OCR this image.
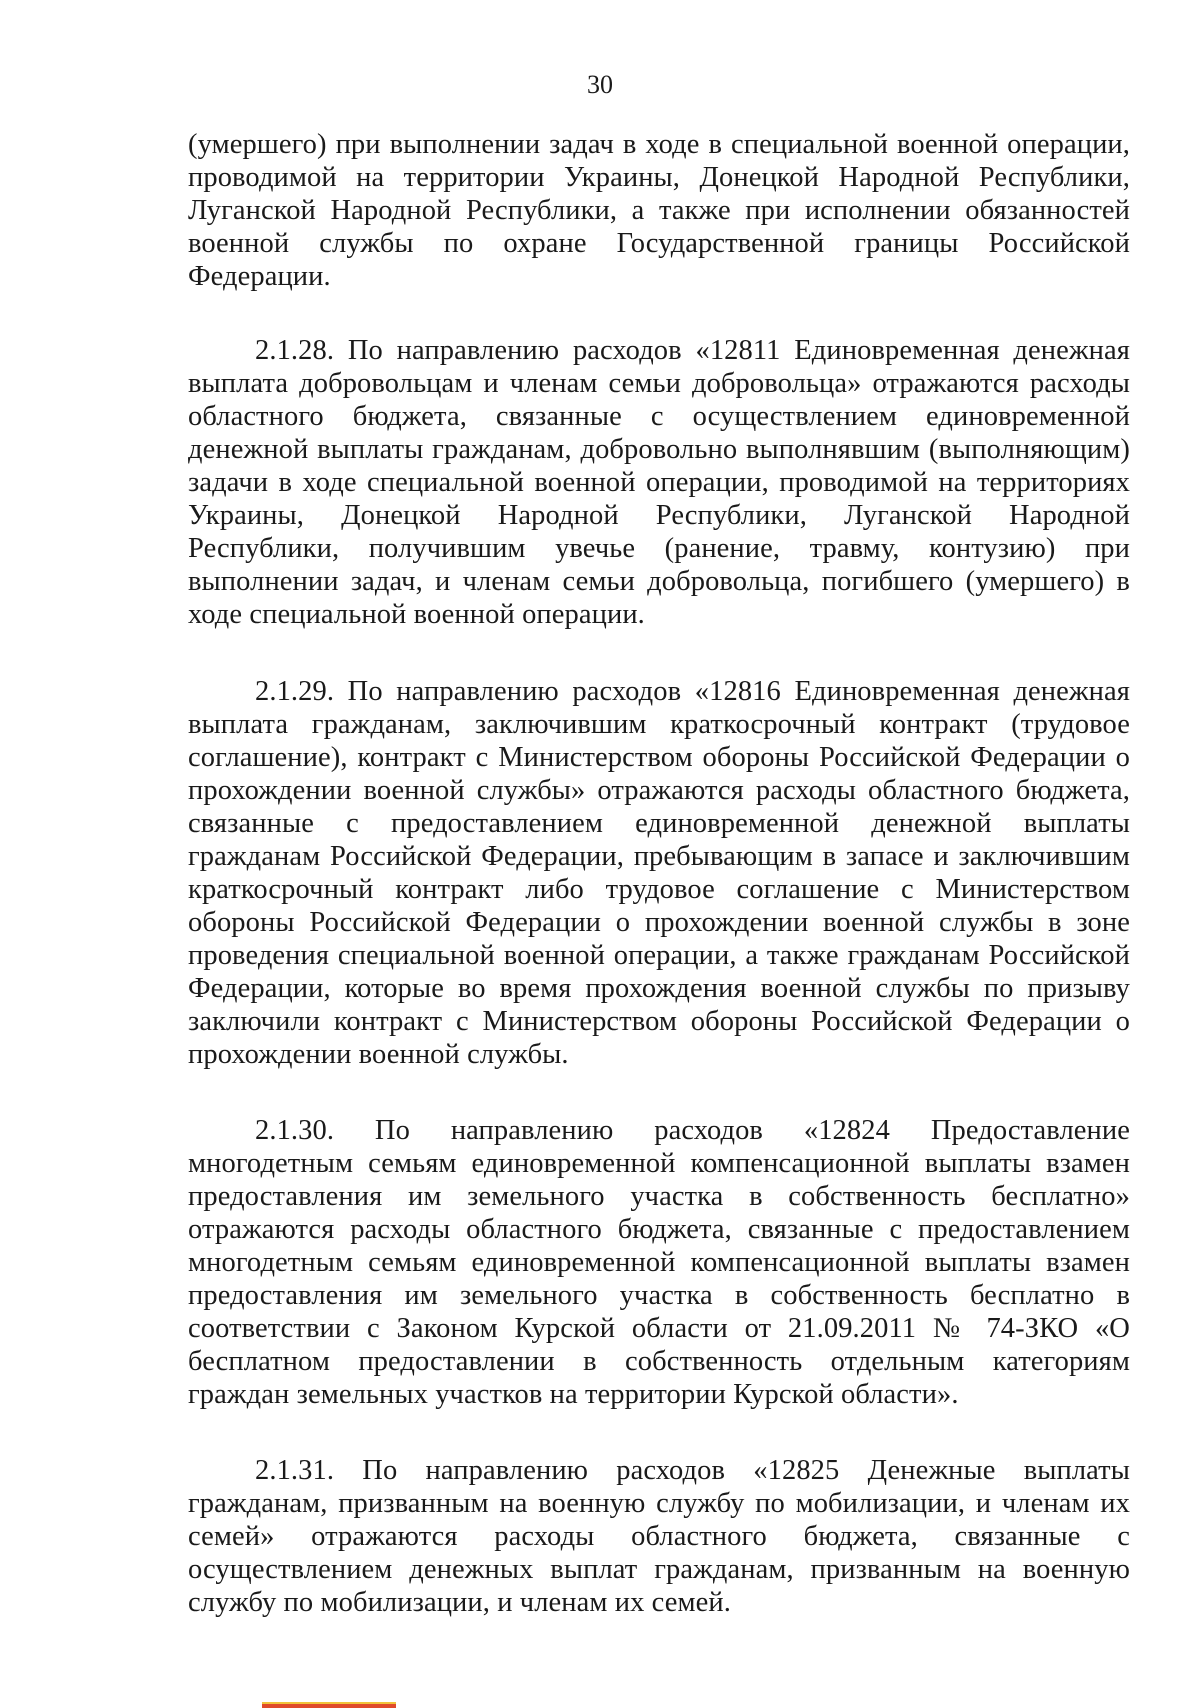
30

(умершего) при выполнении задач в ходе в специальной военной операции, проводимой на территории Украины, Донецкой Народной Республики, Луганской Народной Республики, а также при исполнении обязанностей военной службы по охране Государственной границы Российской Федерации.

2.1.28. По направлению расходов «12811 Единовременная денежная выплата добровольцам и членам семьи добровольца» отражаются расходы областного бюджета, связанные с осуществлением единовременной денежной выплаты гражданам, добровольно выполнявшим (выполняющим) задачи в ходе специальной военной операции, проводимой на территориях Украины, Донецкой Народной Республики, Луганской Народной Республики, получившим увечье (ранение, травму, контузию) при выполнении задач, и членам семьи добровольца, погибшего (умершего) в ходе специальной военной операции.

2.1.29. По направлению расходов «12816 Единовременная денежная выплата гражданам, заключившим краткосрочный контракт (трудовое соглашение), контракт с Министерством обороны Российской Федерации о прохождении военной службы» отражаются расходы областного бюджета, связанные с предоставлением единовременной денежной выплаты гражданам Российской Федерации, пребывающим в запасе и заключившим краткосрочный контракт либо трудовое соглашение с Министерством обороны Российской Федерации о прохождении военной службы в зоне проведения специальной военной операции, а также гражданам Российской Федерации, которые во время прохождения военной службы по призыву заключили контракт с Министерством обороны Российской Федерации о прохождении военной службы.

2.1.30. По направлению расходов «12824 Предоставление многодетным семьям единовременной компенсационной выплаты взамен предоставления им земельного участка в собственность бесплатно» отражаются расходы областного бюджета, связанные с предоставлением многодетным семьям единовременной компенсационной выплаты взамен предоставления им земельного участка в собственность бесплатно в соответствии с Законом Курской области от 21.09.2011 № 74-ЗКО «О бесплатном предоставлении в собственность отдельным категориям граждан земельных участков на территории Курской области».

2.1.31. По направлению расходов «12825 Денежные выплаты гражданам, призванным на военную службу по мобилизации, и членам их семей» отражаются расходы областного бюджета, связанные с осуществлением денежных выплат гражданам, призванным на военную службу по мобилизации, и членам их семей.
